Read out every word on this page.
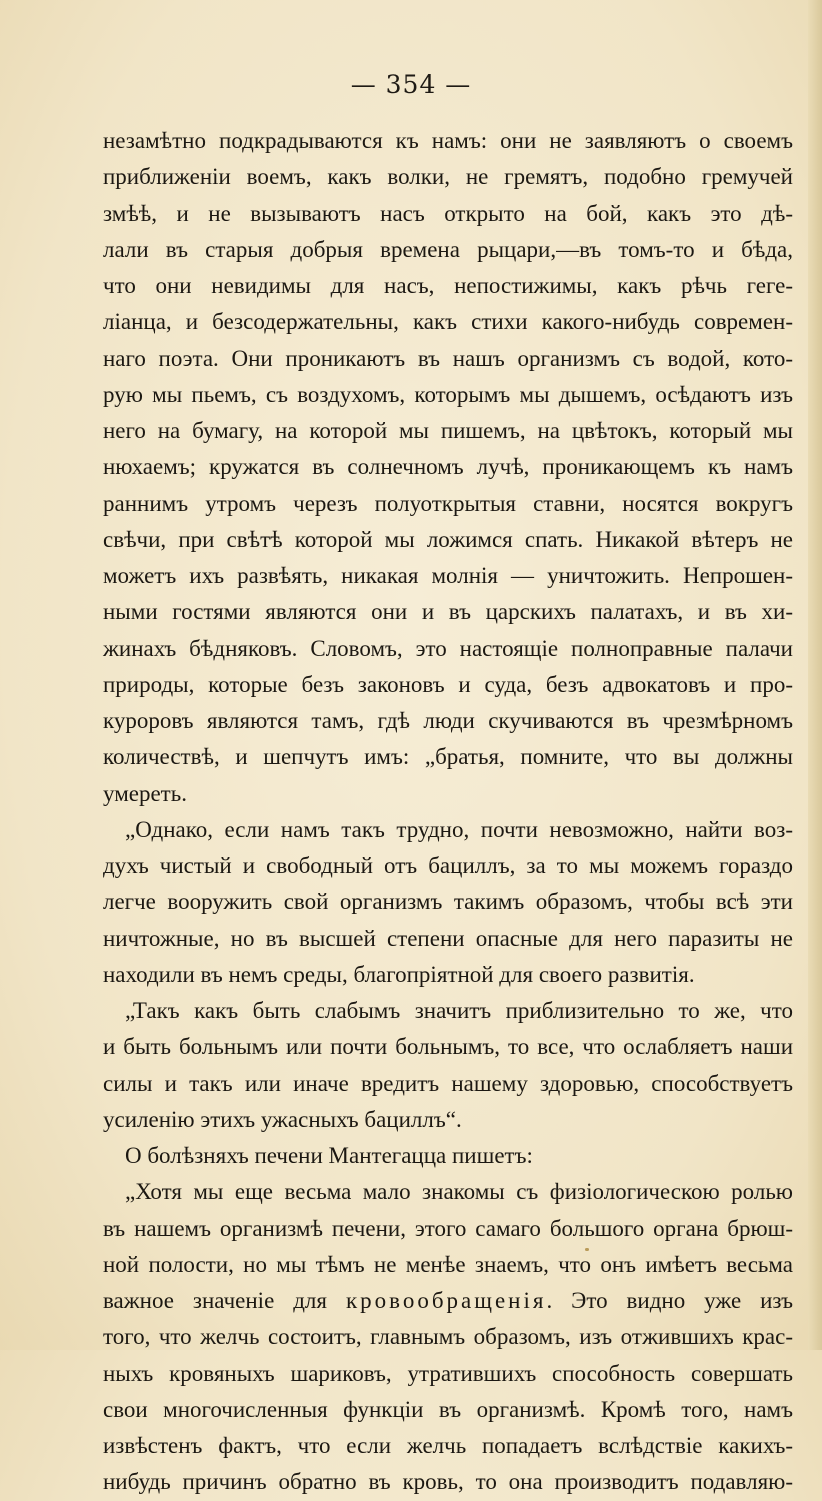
— 354 —
незамѣтно подкрадываются къ намъ: они не заявляютъ о своемъ
приближеніи воемъ, какъ волки, не гремятъ, подобно гремучей
змѣѣ, и не вызываютъ насъ открыто на бой, какъ это дѣ-
лали въ старыя добрыя времена рыцари,—въ томъ-то и бѣда,
что они невидимы для насъ, непостижимы, какъ рѣчь геге-
ліанца, и безсодержательны, какъ стихи какого-нибудь современ-
наго поэта. Они проникаютъ въ нашъ организмъ съ водой, кото-
рую мы пьемъ, съ воздухомъ, которымъ мы дышемъ, осѣдаютъ изъ
него на бумагу, на которой мы пишемъ, на цвѣтокъ, который мы
нюхаемъ; кружатся въ солнечномъ лучѣ, проникающемъ къ намъ
раннимъ утромъ черезъ полуоткрытыя ставни, носятся вокругъ
свѣчи, при свѣтѣ которой мы ложимся спать. Никакой вѣтеръ не
можетъ ихъ развѣять, никакая молнія — уничтожить. Непрошен-
ными гостями являются они и въ царскихъ палатахъ, и въ хи-
жинахъ бѣдняковъ. Словомъ, это настоящіе полноправные палачи
природы, которые безъ законовъ и суда, безъ адвокатовъ и про-
куроровъ являются тамъ, гдѣ люди скучиваются въ чрезмѣрномъ
количествѣ, и шепчутъ имъ: „братья, помните, что вы должны
умереть.
„Однако, если намъ такъ трудно, почти невозможно, найти воз-
духъ чистый и свободный отъ бациллъ, за то мы можемъ гораздо
легче вооружить свой организмъ такимъ образомъ, чтобы всѣ эти
ничтожные, но въ высшей степени опасные для него паразиты не
находили въ немъ среды, благопріятной для своего развитія.
„Такъ какъ быть слабымъ значитъ приблизительно то же, что
и быть больнымъ или почти больнымъ, то все, что ослабляетъ наши
силы и такъ или иначе вредитъ нашему здоровью, способствуетъ
усиленію этихъ ужасныхъ бациллъ“.
О болѣзняхъ печени Мантегацца пишетъ:
„Хотя мы еще весьма мало знакомы съ физіологическою ролью
въ нашемъ организмѣ печени, этого самаго большого органа брюш-
ной полости, но мы тѣмъ не менѣе знаемъ, что онъ имѣетъ весьма
важное значеніе для кровообращенія. Это видно уже изъ
того, что желчь состоитъ, главнымъ образомъ, изъ отжившихъ крас-
ныхъ кровяныхъ шариковъ, утратившихъ способность совершать
свои многочисленныя функціи въ организмѣ. Кромѣ того, намъ
извѣстенъ фактъ, что если желчь попадаетъ вслѣдствіе какихъ-
нибудь причинъ обратно въ кровь, то она производитъ подавляю-
